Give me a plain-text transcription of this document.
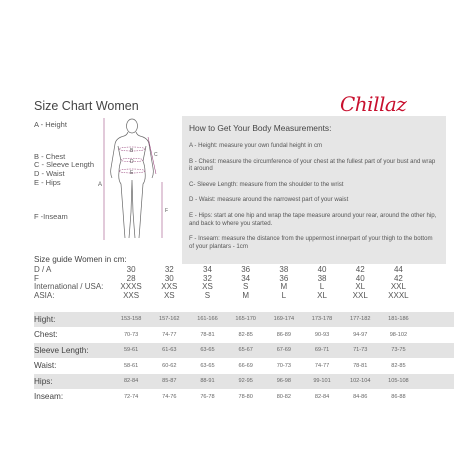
Size Chart Women	Chillaz
A - Height
B - Chest
C - Sleeve Length
D - Waist
E - Hips
F -Inseam
A
B
C
D
E
F
How to Get Your Body Measurements:

A - Height: measure your own fundal height in cm

B - Chest: measure the circumference of your chest at the fullest part of your bust and wrap it around

C- Sleeve Length: measure from the shoulder to the wrist

D - Waist: measure around the narrowest part of your waist

E - Hips: start at one hip and wrap the tape measure around your rear, around the other hip, and back to where you started.

F - Inseam: measure the distance from the uppermost innerpart of your thigh to the bottom of your plantars - 1cm

Size guide Women in cm:
D / A	30	32	34	36	38	40	42	44
F	28	30	32	34	36	38	40	42
International / USA:	XXXS	XXS	XS	S	M	L	XL	XXL
ASIA:	XXS	XS	S	M	L	XL	XXL	XXXL
Hight:	153-158	157-162	161-166	165-170	169-174	173-178	177-182	181-186
Chest:	70-73	74-77	78-81	82-85	86-89	90-93	94-97	98-102
Sleeve Length:	59-61	61-63	63-65	65-67	67-69	69-71	71-73	73-75
Waist:	58-61	60-62	63-65	66-69	70-73	74-77	78-81	82-85
Hips:	82-84	85-87	88-91	92-95	96-98	99-101	102-104	105-108
Inseam:	72-74	74-76	76-78	78-80	80-82	82-84	84-86	86-88
